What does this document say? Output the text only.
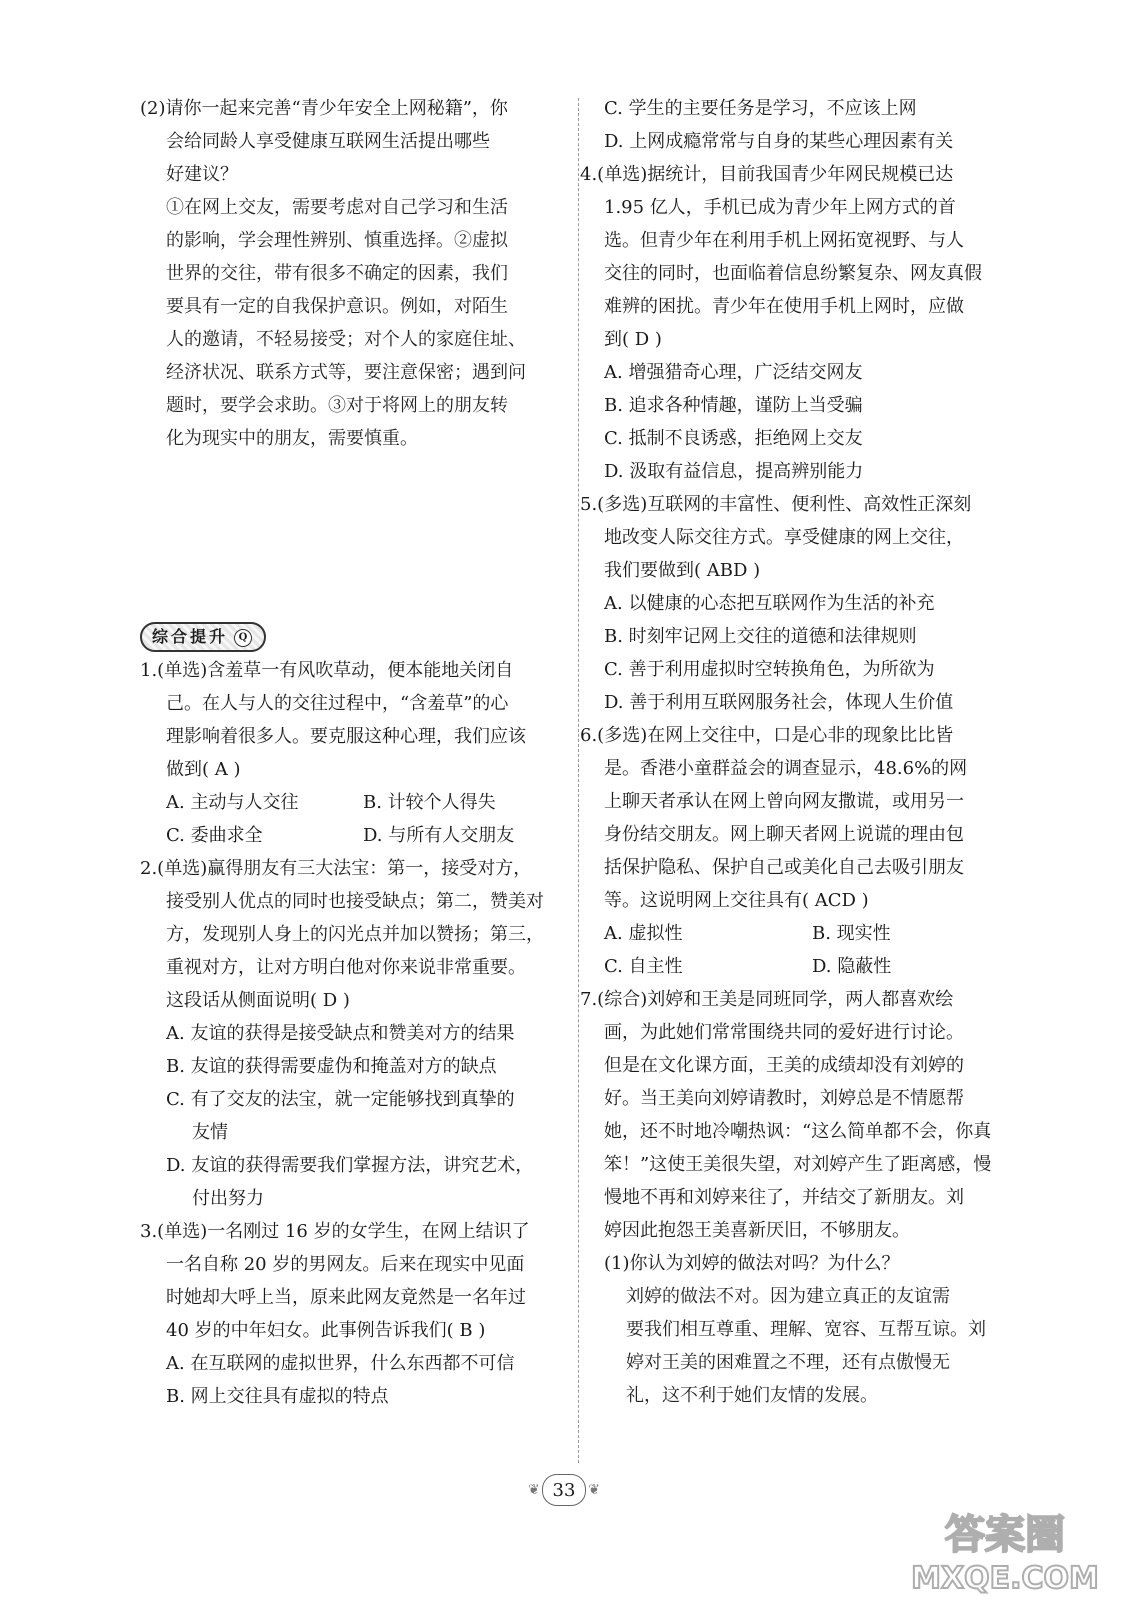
(2)请你一起来完善“青少年安全上网秘籍”，你
会给同龄人享受健康互联网生活提出哪些
好建议？
①在网上交友，需要考虑对自己学习和生活
的影响，学会理性辨别、慎重选择。②虚拟
世界的交往，带有很多不确定的因素，我们
要具有一定的自我保护意识。例如，对陌生
人的邀请，不轻易接受；对个人的家庭住址、
经济状况、联系方式等，要注意保密；遇到问
题时，要学会求助。③对于将网上的朋友转
化为现实中的朋友，需要慎重。
综合提升 Q
1.(单选)含羞草一有风吹草动，便本能地关闭自
己。在人与人的交往过程中，“含羞草”的心
理影响着很多人。要克服这种心理，我们应该
做到( A )
A. 主动与人交往	B. 计较个人得失
C. 委曲求全	D. 与所有人交朋友
2.(单选)赢得朋友有三大法宝：第一，接受对方，
接受别人优点的同时也接受缺点；第二，赞美对
方，发现别人身上的闪光点并加以赞扬；第三，
重视对方，让对方明白他对你来说非常重要。
这段话从侧面说明( D )
A. 友谊的获得是接受缺点和赞美对方的结果
B. 友谊的获得需要虚伪和掩盖对方的缺点
C. 有了交友的法宝，就一定能够找到真挚的
友情
D. 友谊的获得需要我们掌握方法，讲究艺术，
付出努力
3.(单选)一名刚过 16 岁的女学生，在网上结识了
一名自称 20 岁的男网友。后来在现实中见面
时她却大呼上当，原来此网友竟然是一名年过
40 岁的中年妇女。此事例告诉我们( B )
A. 在互联网的虚拟世界，什么东西都不可信
B. 网上交往具有虚拟的特点
C. 学生的主要任务是学习，不应该上网
D. 上网成瘾常常与自身的某些心理因素有关
4.(单选)据统计，目前我国青少年网民规模已达
1.95 亿人，手机已成为青少年上网方式的首
选。但青少年在利用手机上网拓宽视野、与人
交往的同时，也面临着信息纷繁复杂、网友真假
难辨的困扰。青少年在使用手机上网时，应做
到( D )
A. 增强猎奇心理，广泛结交网友
B. 追求各种情趣，谨防上当受骗
C. 抵制不良诱惑，拒绝网上交友
D. 汲取有益信息，提高辨别能力
5.(多选)互联网的丰富性、便利性、高效性正深刻
地改变人际交往方式。享受健康的网上交往，
我们要做到( ABD )
A. 以健康的心态把互联网作为生活的补充
B. 时刻牢记网上交往的道德和法律规则
C. 善于利用虚拟时空转换角色，为所欲为
D. 善于利用互联网服务社会，体现人生价值
6.(多选)在网上交往中，口是心非的现象比比皆
是。香港小童群益会的调查显示，48.6%的网
上聊天者承认在网上曾向网友撒谎，或用另一
身份结交朋友。网上聊天者网上说谎的理由包
括保护隐私、保护自己或美化自己去吸引朋友
等。这说明网上交往具有( ACD )
A. 虚拟性	B. 现实性
C. 自主性	D. 隐蔽性
7.(综合)刘婷和王美是同班同学，两人都喜欢绘
画，为此她们常常围绕共同的爱好进行讨论。
但是在文化课方面，王美的成绩却没有刘婷的
好。当王美向刘婷请教时，刘婷总是不情愿帮
她，还不时地冷嘲热讽：“这么简单都不会，你真
笨！”这使王美很失望，对刘婷产生了距离感，慢
慢地不再和刘婷来往了，并结交了新朋友。刘
婷因此抱怨王美喜新厌旧，不够朋友。
(1)你认为刘婷的做法对吗？为什么？
刘婷的做法不对。因为建立真正的友谊需
要我们相互尊重、理解、宽容、互帮互谅。刘
婷对王美的困难置之不理，还有点傲慢无
礼，这不利于她们友情的发展。
❦ 33 ❦
答案圈
MXQE.COM
